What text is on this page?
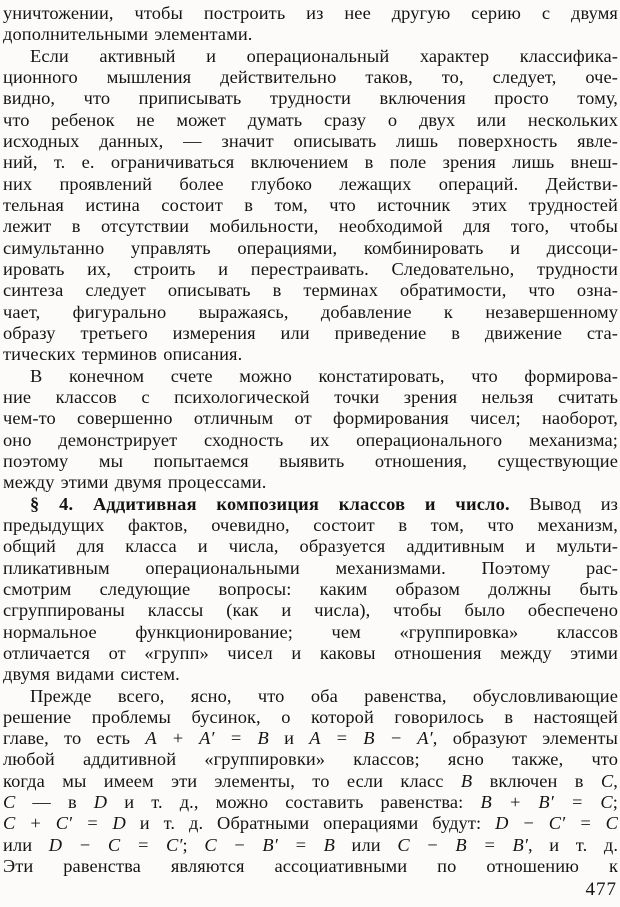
уничтожении, чтобы построить из нее другую серию с двумя
дополнительными элементами.
Если активный и операциональный характер классифика-
ционного мышления действительно таков, то, следует, оче-
видно, что приписывать трудности включения просто тому,
что ребенок не может думать сразу о двух или нескольких
исходных данных, — значит описывать лишь поверхность явле-
ний, т. е. ограничиваться включением в поле зрения лишь внеш-
них проявлений более глубоко лежащих операций. Действи-
тельная истина состоит в том, что источник этих трудностей
лежит в отсутствии мобильности, необходимой для того, чтобы
симультанно управлять операциями, комбинировать и диссоци-
ировать их, строить и перестраивать. Следовательно, трудности
синтеза следует описывать в терминах обратимости, что озна-
чает, фигурально выражаясь, добавление к незавершенному
образу третьего измерения или приведение в движение ста-
тических терминов описания.
В конечном счете можно констатировать, что формирова-
ние классов с психологической точки зрения нельзя считать
чем-то совершенно отличным от формирования чисел; наоборот,
оно демонстрирует сходность их операционального механизма;
поэтому мы попытаемся выявить отношения, существующие
между этими двумя процессами.
§ 4. Аддитивная композиция классов и число. Вывод из
предыдущих фактов, очевидно, состоит в том, что механизм,
общий для класса и числа, образуется аддитивным и мульти-
пликативным операциональными механизмами. Поэтому рас-
смотрим следующие вопросы: каким образом должны быть
сгруппированы классы (как и числа), чтобы было обеспечено
нормальное функционирование; чем «группировка» классов
отличается от «групп» чисел и каковы отношения между этими
двумя видами систем.
Прежде всего, ясно, что оба равенства, обусловливающие
решение проблемы бусинок, о которой говорилось в настоящей
главе, то есть A + A′ = B и A = B − A′, образуют элементы
любой аддитивной «группировки» классов; ясно также, что
когда мы имеем эти элементы, то если класс B включен в C,
C — в D и т. д., можно составить равенства: B + B′ = C;
C + C′ = D и т. д. Обратными операциями будут: D − C′ = C
или D − C = C′; C − B′ = B или C − B = B′, и т. д.
Эти равенства являются ассоциативными по отношению к
477
